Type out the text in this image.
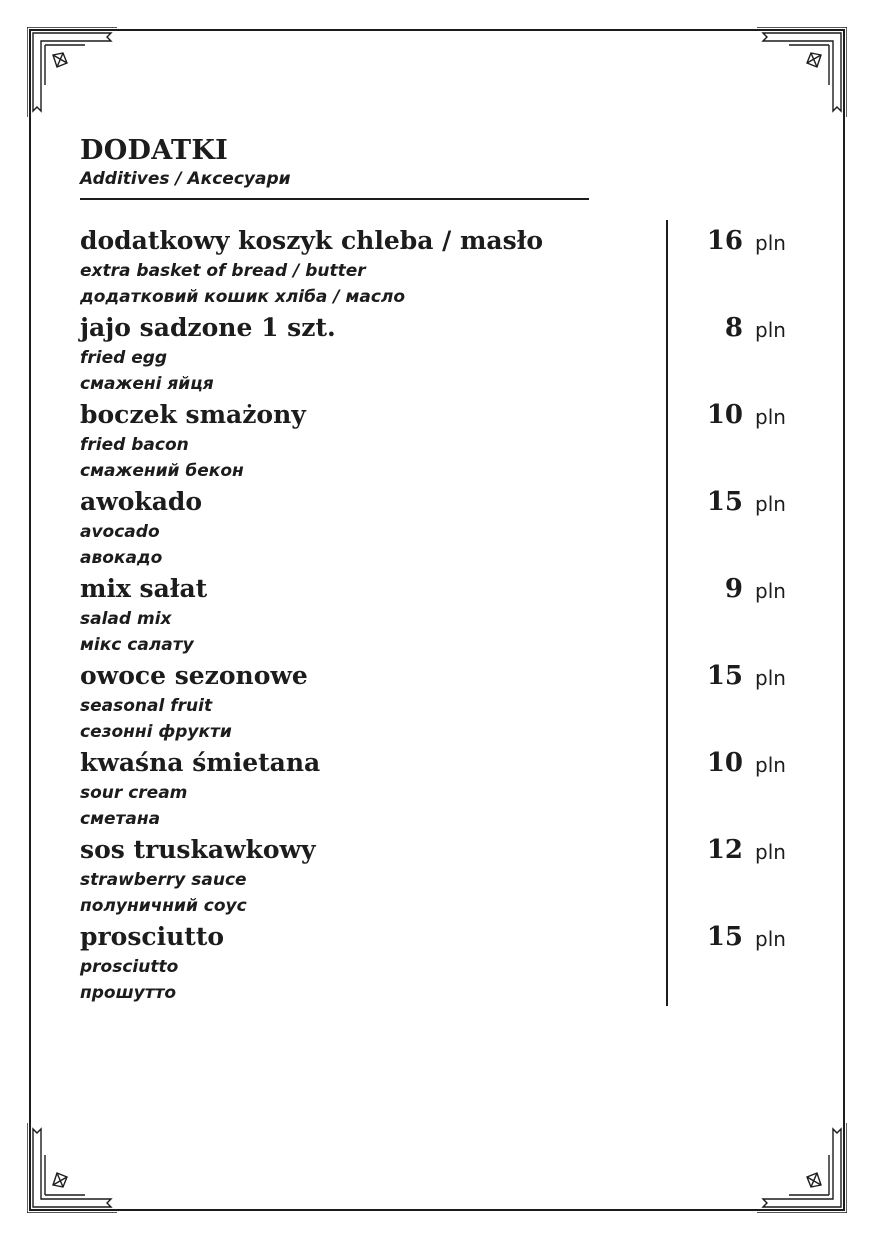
DODATKI
Additives / Аксесуари
dodatkowy koszyk chleba / masło
extra basket of bread / butter
додатковий кошик хліба / масло
16 pln
jajo sadzone 1 szt.
fried egg
смажені яйця
8 pln
boczek smażony
fried bacon
смажений бекон
10 pln
awokado
avocado
авокадо
15 pln
mix sałat
salad mix
мікс салату
9 pln
owoce sezonowe
seasonal fruit
сезонні фрукти
15 pln
kwaśna śmietana
sour cream
сметана
10 pln
sos truskawkowy
strawberry sauce
полуничний соус
12 pln
prosciutto
prosciutto
прошутто
15 pln
